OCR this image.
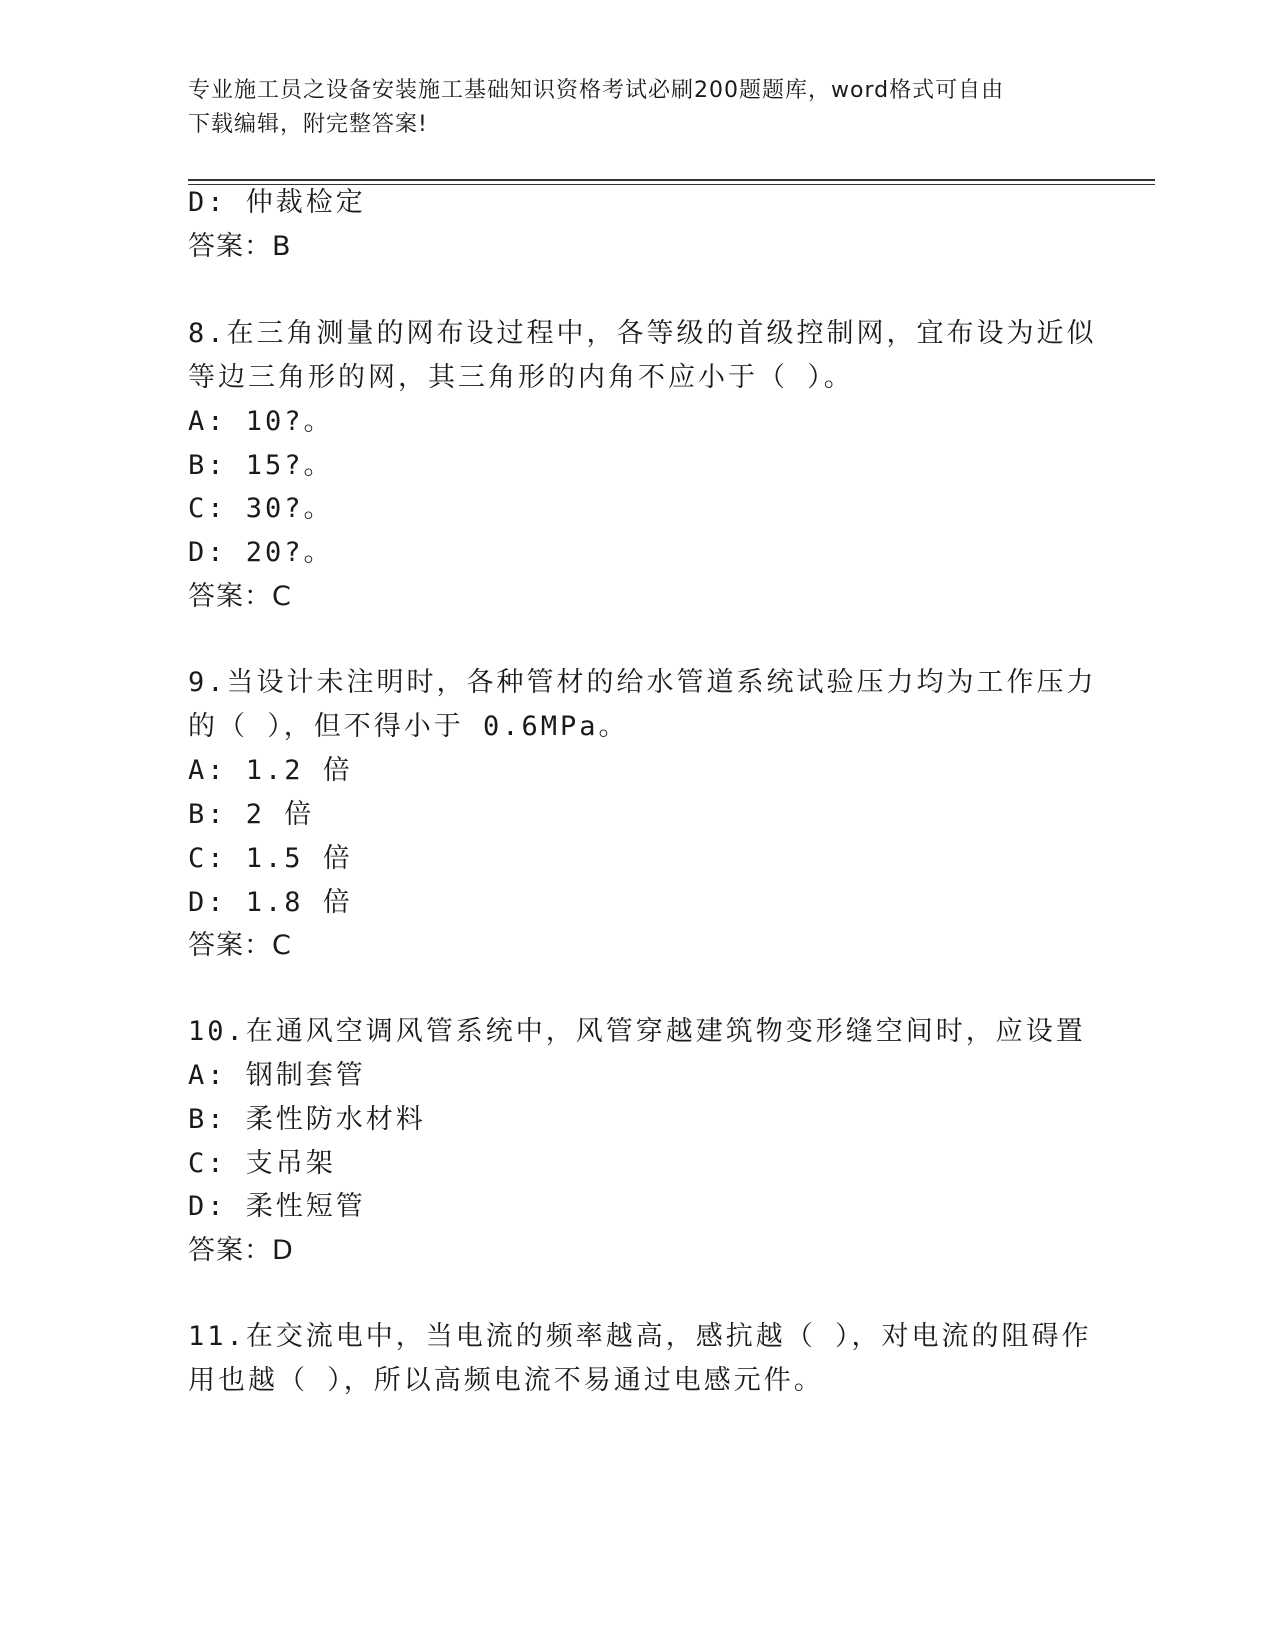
专业施工员之设备安装施工基础知识资格考试必刷200题题库，word格式可自由
下载编辑，附完整答案!
D: 仲裁检定
答案：B
8.在三角测量的网布设过程中，各等级的首级控制网，宜布设为近似
等边三角形的网，其三角形的内角不应小于（ ）。
A: 10?。
B: 15?。
C: 30?。
D: 20?。
答案：C
9.当设计未注明时，各种管材的给水管道系统试验压力均为工作压力
的（ ），但不得小于 0.6MPa。
A: 1.2 倍
B: 2 倍
C: 1.5 倍
D: 1.8 倍
答案：C
10.在通风空调风管系统中，风管穿越建筑物变形缝空间时，应设置
A: 钢制套管
B: 柔性防水材料
C: 支吊架
D: 柔性短管
答案：D
11.在交流电中，当电流的频率越高，感抗越（ ），对电流的阻碍作
用也越（ ），所以高频电流不易通过电感元件。
